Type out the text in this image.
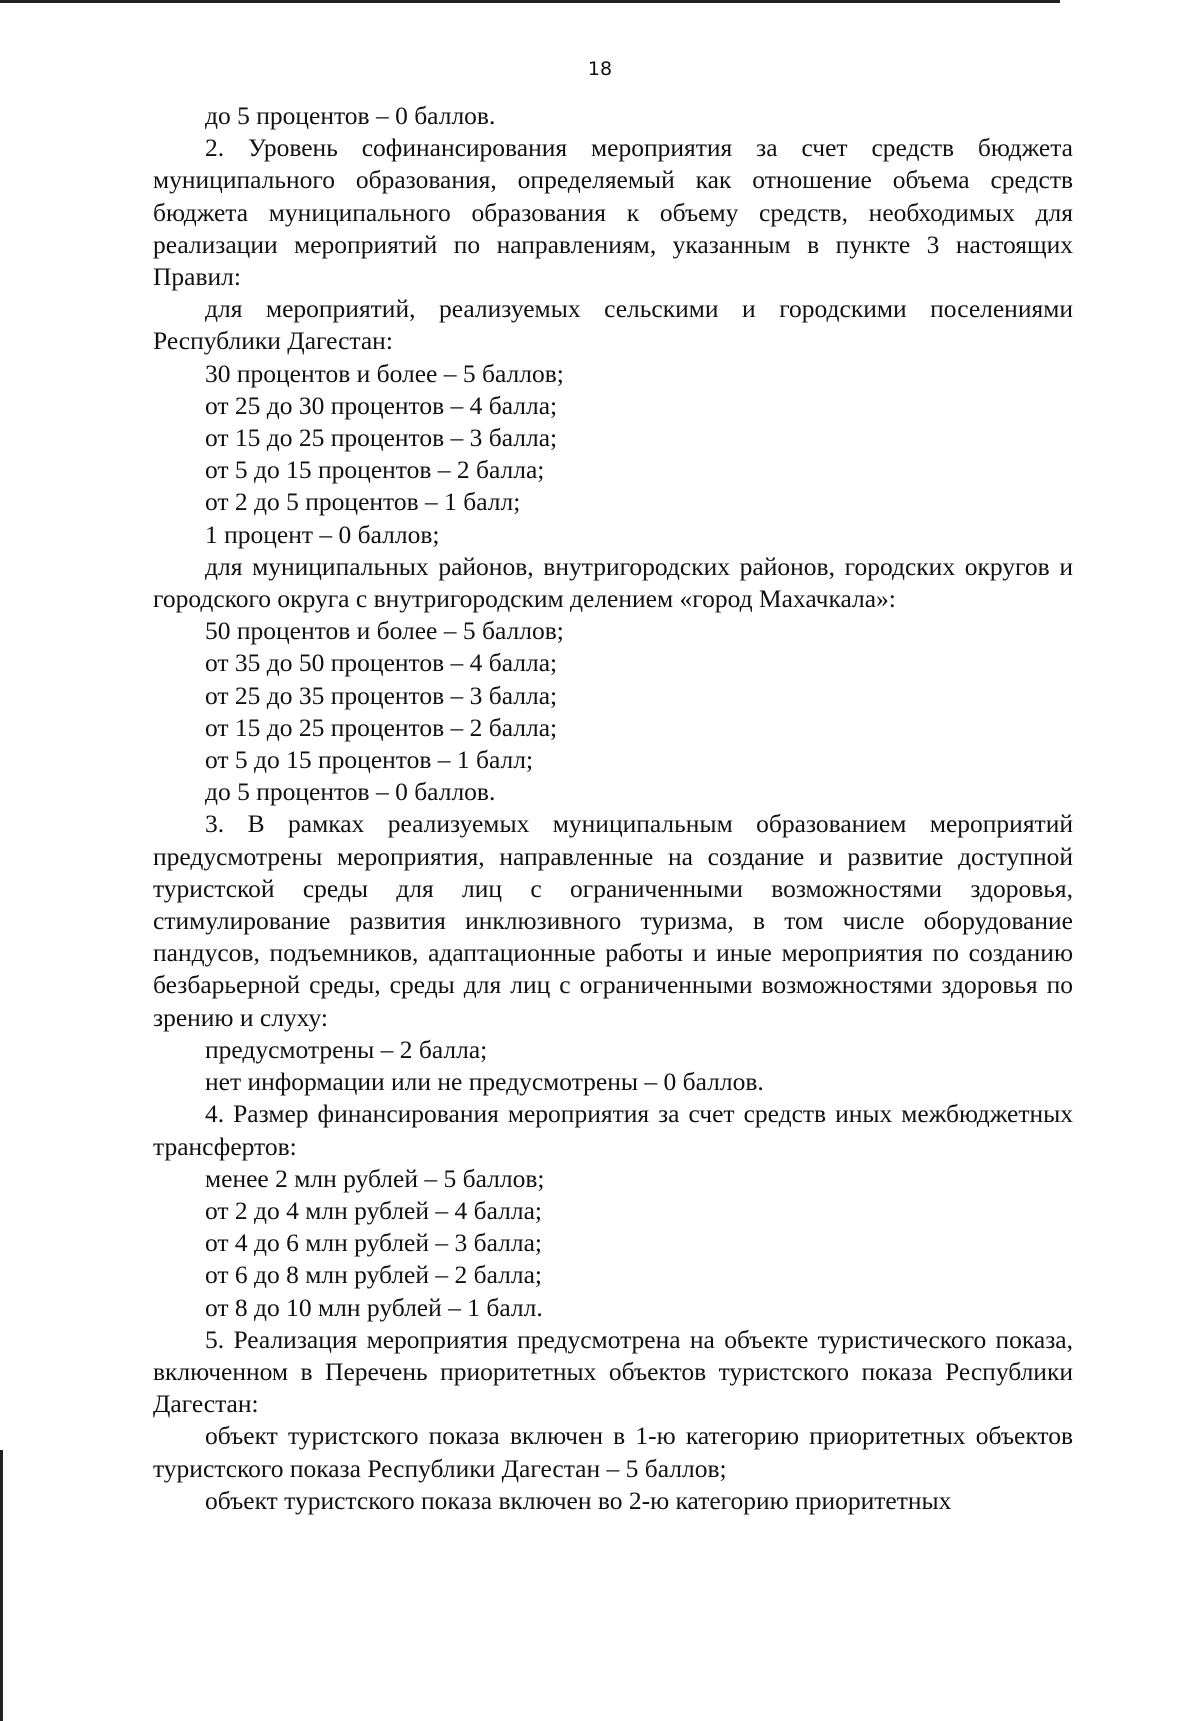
18

до 5 процентов – 0 баллов.

2. Уровень софинансирования мероприятия за счет средств бюджета муниципального образования, определяемый как отношение объема средств бюджета муниципального образования к объему средств, необходимых для реализации мероприятий по направлениям, указанным в пункте 3 настоящих Правил:

для мероприятий, реализуемых сельскими и городскими поселениями Республики Дагестан:

30 процентов и более – 5 баллов;

от 25 до 30 процентов – 4 балла;

от 15 до 25 процентов – 3 балла;

от 5 до 15 процентов – 2 балла;

от 2 до 5 процентов – 1 балл;

1 процент – 0 баллов;

для муниципальных районов, внутригородских районов, городских округов и городского округа с внутригородским делением «город Махачкала»:

50 процентов и более – 5 баллов;

от 35 до 50 процентов – 4 балла;

от 25 до 35 процентов – 3 балла;

от 15 до 25 процентов – 2 балла;

от 5 до 15 процентов – 1 балл;

до 5 процентов – 0 баллов.

3. В рамках реализуемых муниципальным образованием мероприятий предусмотрены мероприятия, направленные на создание и развитие доступной туристской среды для лиц с ограниченными возможностями здоровья, стимулирование развития инклюзивного туризма, в том числе оборудование пандусов, подъемников, адаптационные работы и иные мероприятия по созданию безбарьерной среды, среды для лиц с ограниченными возможностями здоровья по зрению и слуху:

предусмотрены – 2 балла;

нет информации или не предусмотрены – 0 баллов.

4. Размер финансирования мероприятия за счет средств иных межбюджетных трансфертов:

менее 2 млн рублей – 5 баллов;

от 2 до 4 млн рублей – 4 балла;

от 4 до 6 млн рублей – 3 балла;

от 6 до 8 млн рублей – 2 балла;

от 8 до 10 млн рублей – 1 балл.

5. Реализация мероприятия предусмотрена на объекте туристического показа, включенном в Перечень приоритетных объектов туристского показа Республики Дагестан:

объект туристского показа включен в 1-ю категорию приоритетных объектов туристского показа Республики Дагестан – 5 баллов;

объект туристского показа включен во 2-ю категорию приоритетных
